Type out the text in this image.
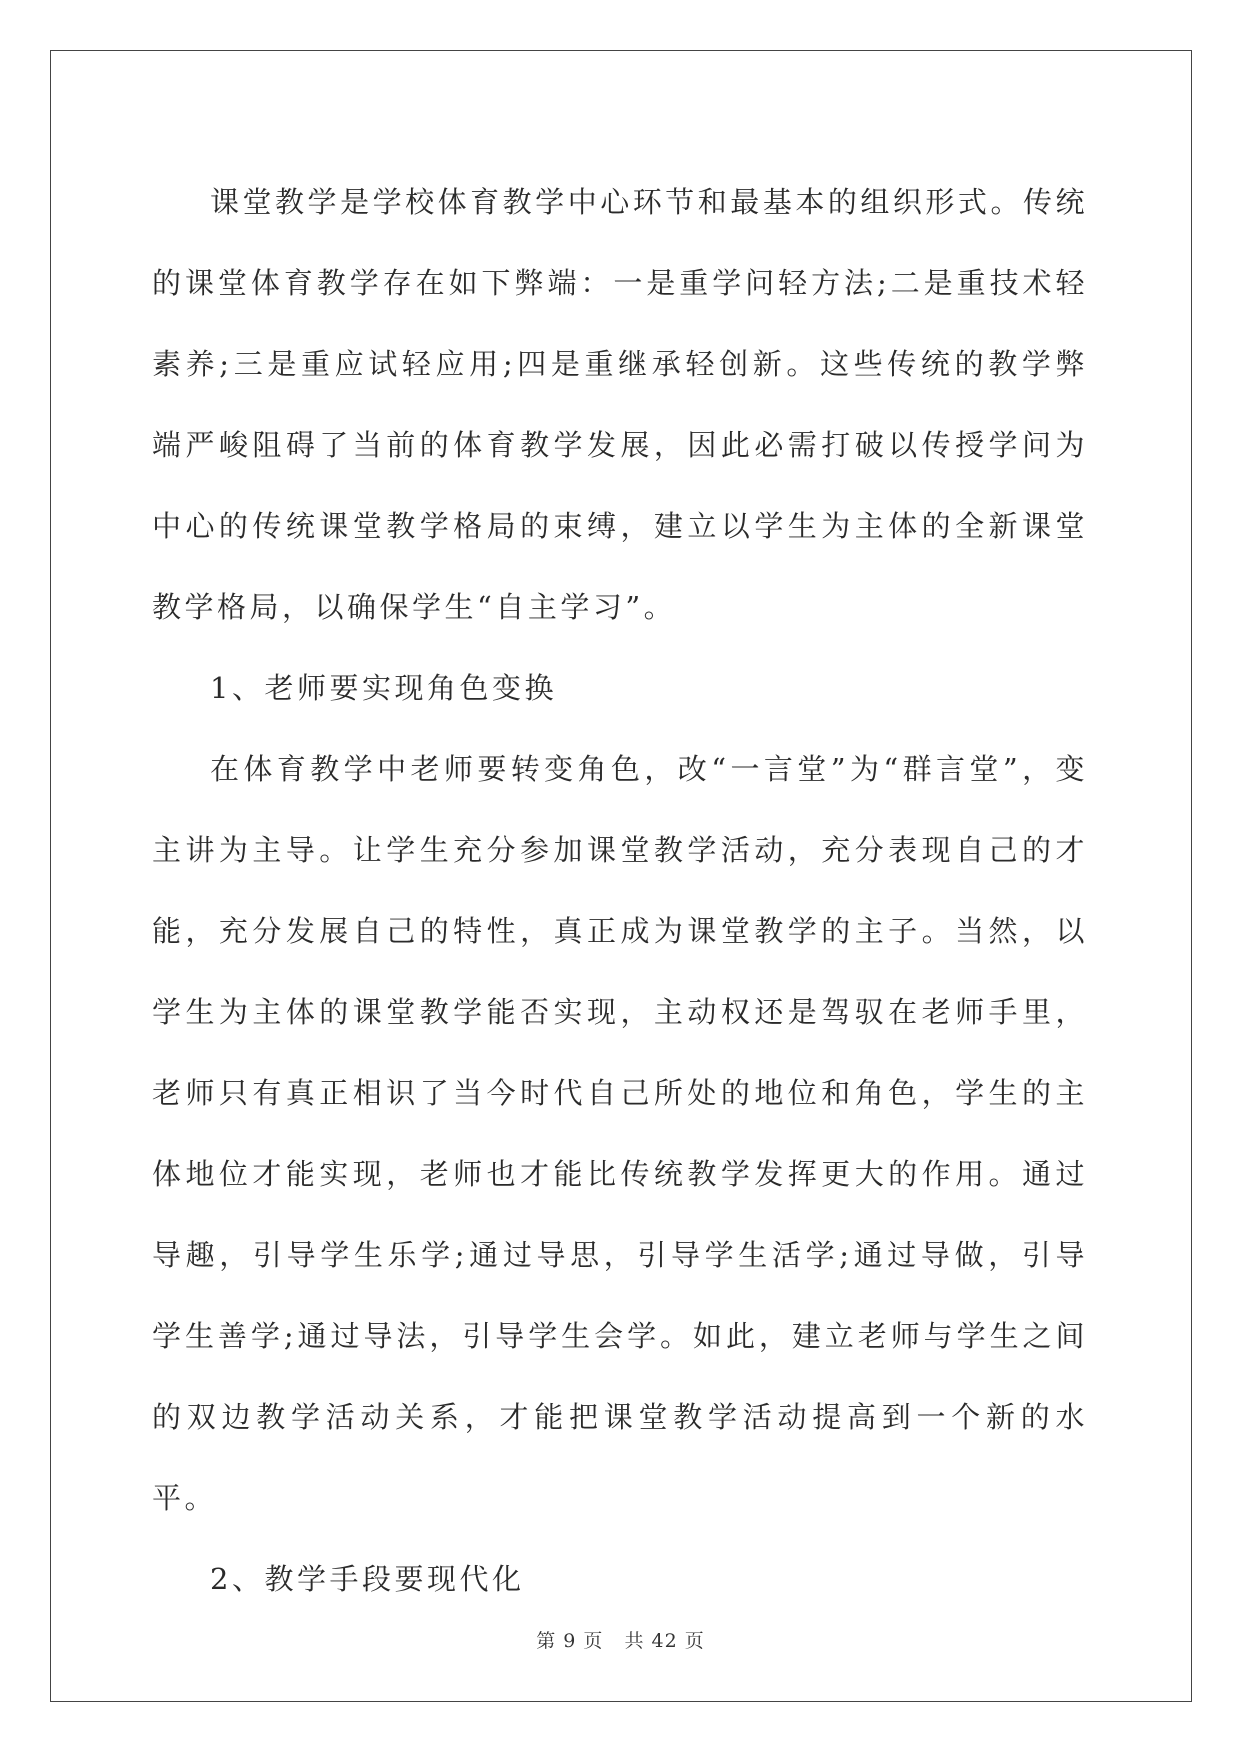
课堂教学是学校体育教学中心环节和最基本的组织形式。传统的课堂体育教学存在如下弊端：一是重学问轻方法;二是重技术轻素养;三是重应试轻应用;四是重继承轻创新。这些传统的教学弊端严峻阻碍了当前的体育教学发展，因此必需打破以传授学问为中心的传统课堂教学格局的束缚，建立以学生为主体的全新课堂教学格局，以确保学生“自主学习”。

1、老师要实现角色变换

在体育教学中老师要转变角色，改“一言堂”为“群言堂”，变主讲为主导。让学生充分参加课堂教学活动，充分表现自己的才能，充分发展自己的特性，真正成为课堂教学的主子。当然，以学生为主体的课堂教学能否实现，主动权还是驾驭在老师手里，老师只有真正相识了当今时代自己所处的地位和角色，学生的主体地位才能实现，老师也才能比传统教学发挥更大的作用。通过导趣，引导学生乐学;通过导思，引导学生活学;通过导做，引导学生善学;通过导法，引导学生会学。如此，建立老师与学生之间的双边教学活动关系，才能把课堂教学活动提高到一个新的水平。

2、教学手段要现代化

第 9 页 共 42 页
